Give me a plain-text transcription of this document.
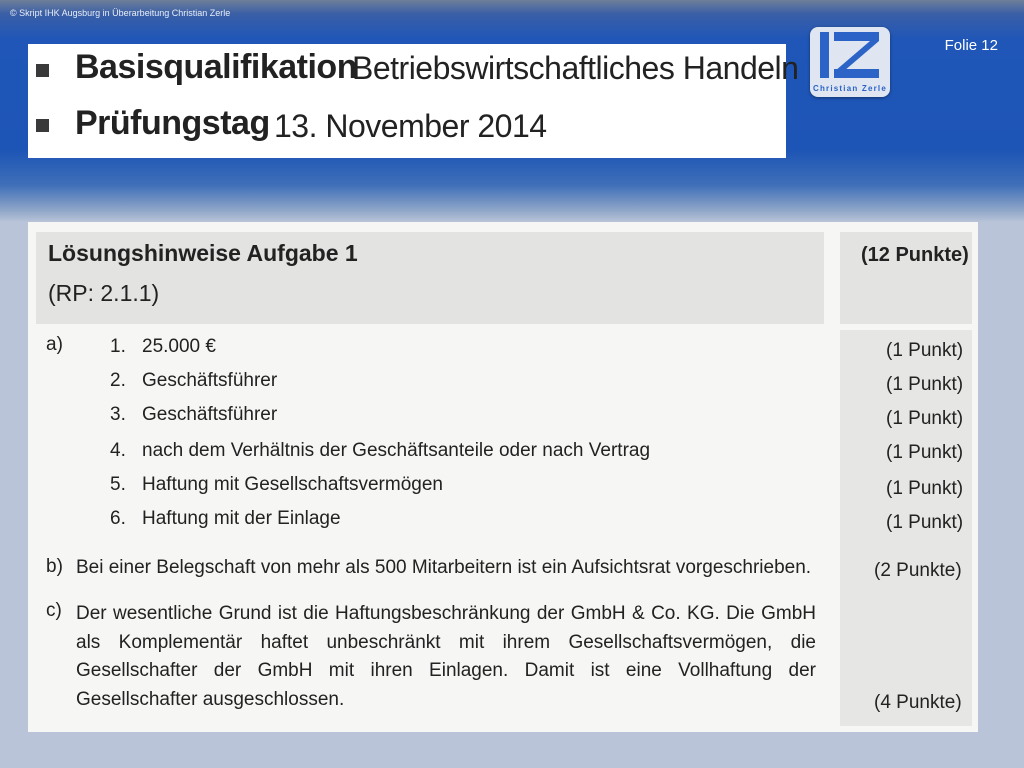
© Skript IHK Augsburg in Überarbeitung Christian Zerle
Folie 12
Christian Zerle
Basisqualifikation
Betriebswirtschaftliches Handeln
Prüfungstag 13. November 2014
Lösungshinweise Aufgabe 1
(RP: 2.1.1)
(12 Punkte)
a) 1. 25.000 €	(1 Punkt)
2. Geschäftsführer	(1 Punkt)
3. Geschäftsführer	(1 Punkt)
4. nach dem Verhältnis der Geschäftsanteile oder nach Vertrag	(1 Punkt)
5. Haftung mit Gesellschaftsvermögen	(1 Punkt)
6. Haftung mit der Einlage	(1 Punkt)
b) Bei einer Belegschaft von mehr als 500 Mitarbeitern ist ein Aufsichtsrat vorgeschrieben.	(2 Punkte)
c) Der wesentliche Grund ist die Haftungsbeschränkung der GmbH & Co. KG. Die GmbH als Komplementär haftet unbeschränkt mit ihrem Gesellschaftsvermögen, die Gesellschafter der GmbH mit ihren Einlagen. Damit ist eine Vollhaftung der Gesellschafter ausgeschlossen.	(4 Punkte)
